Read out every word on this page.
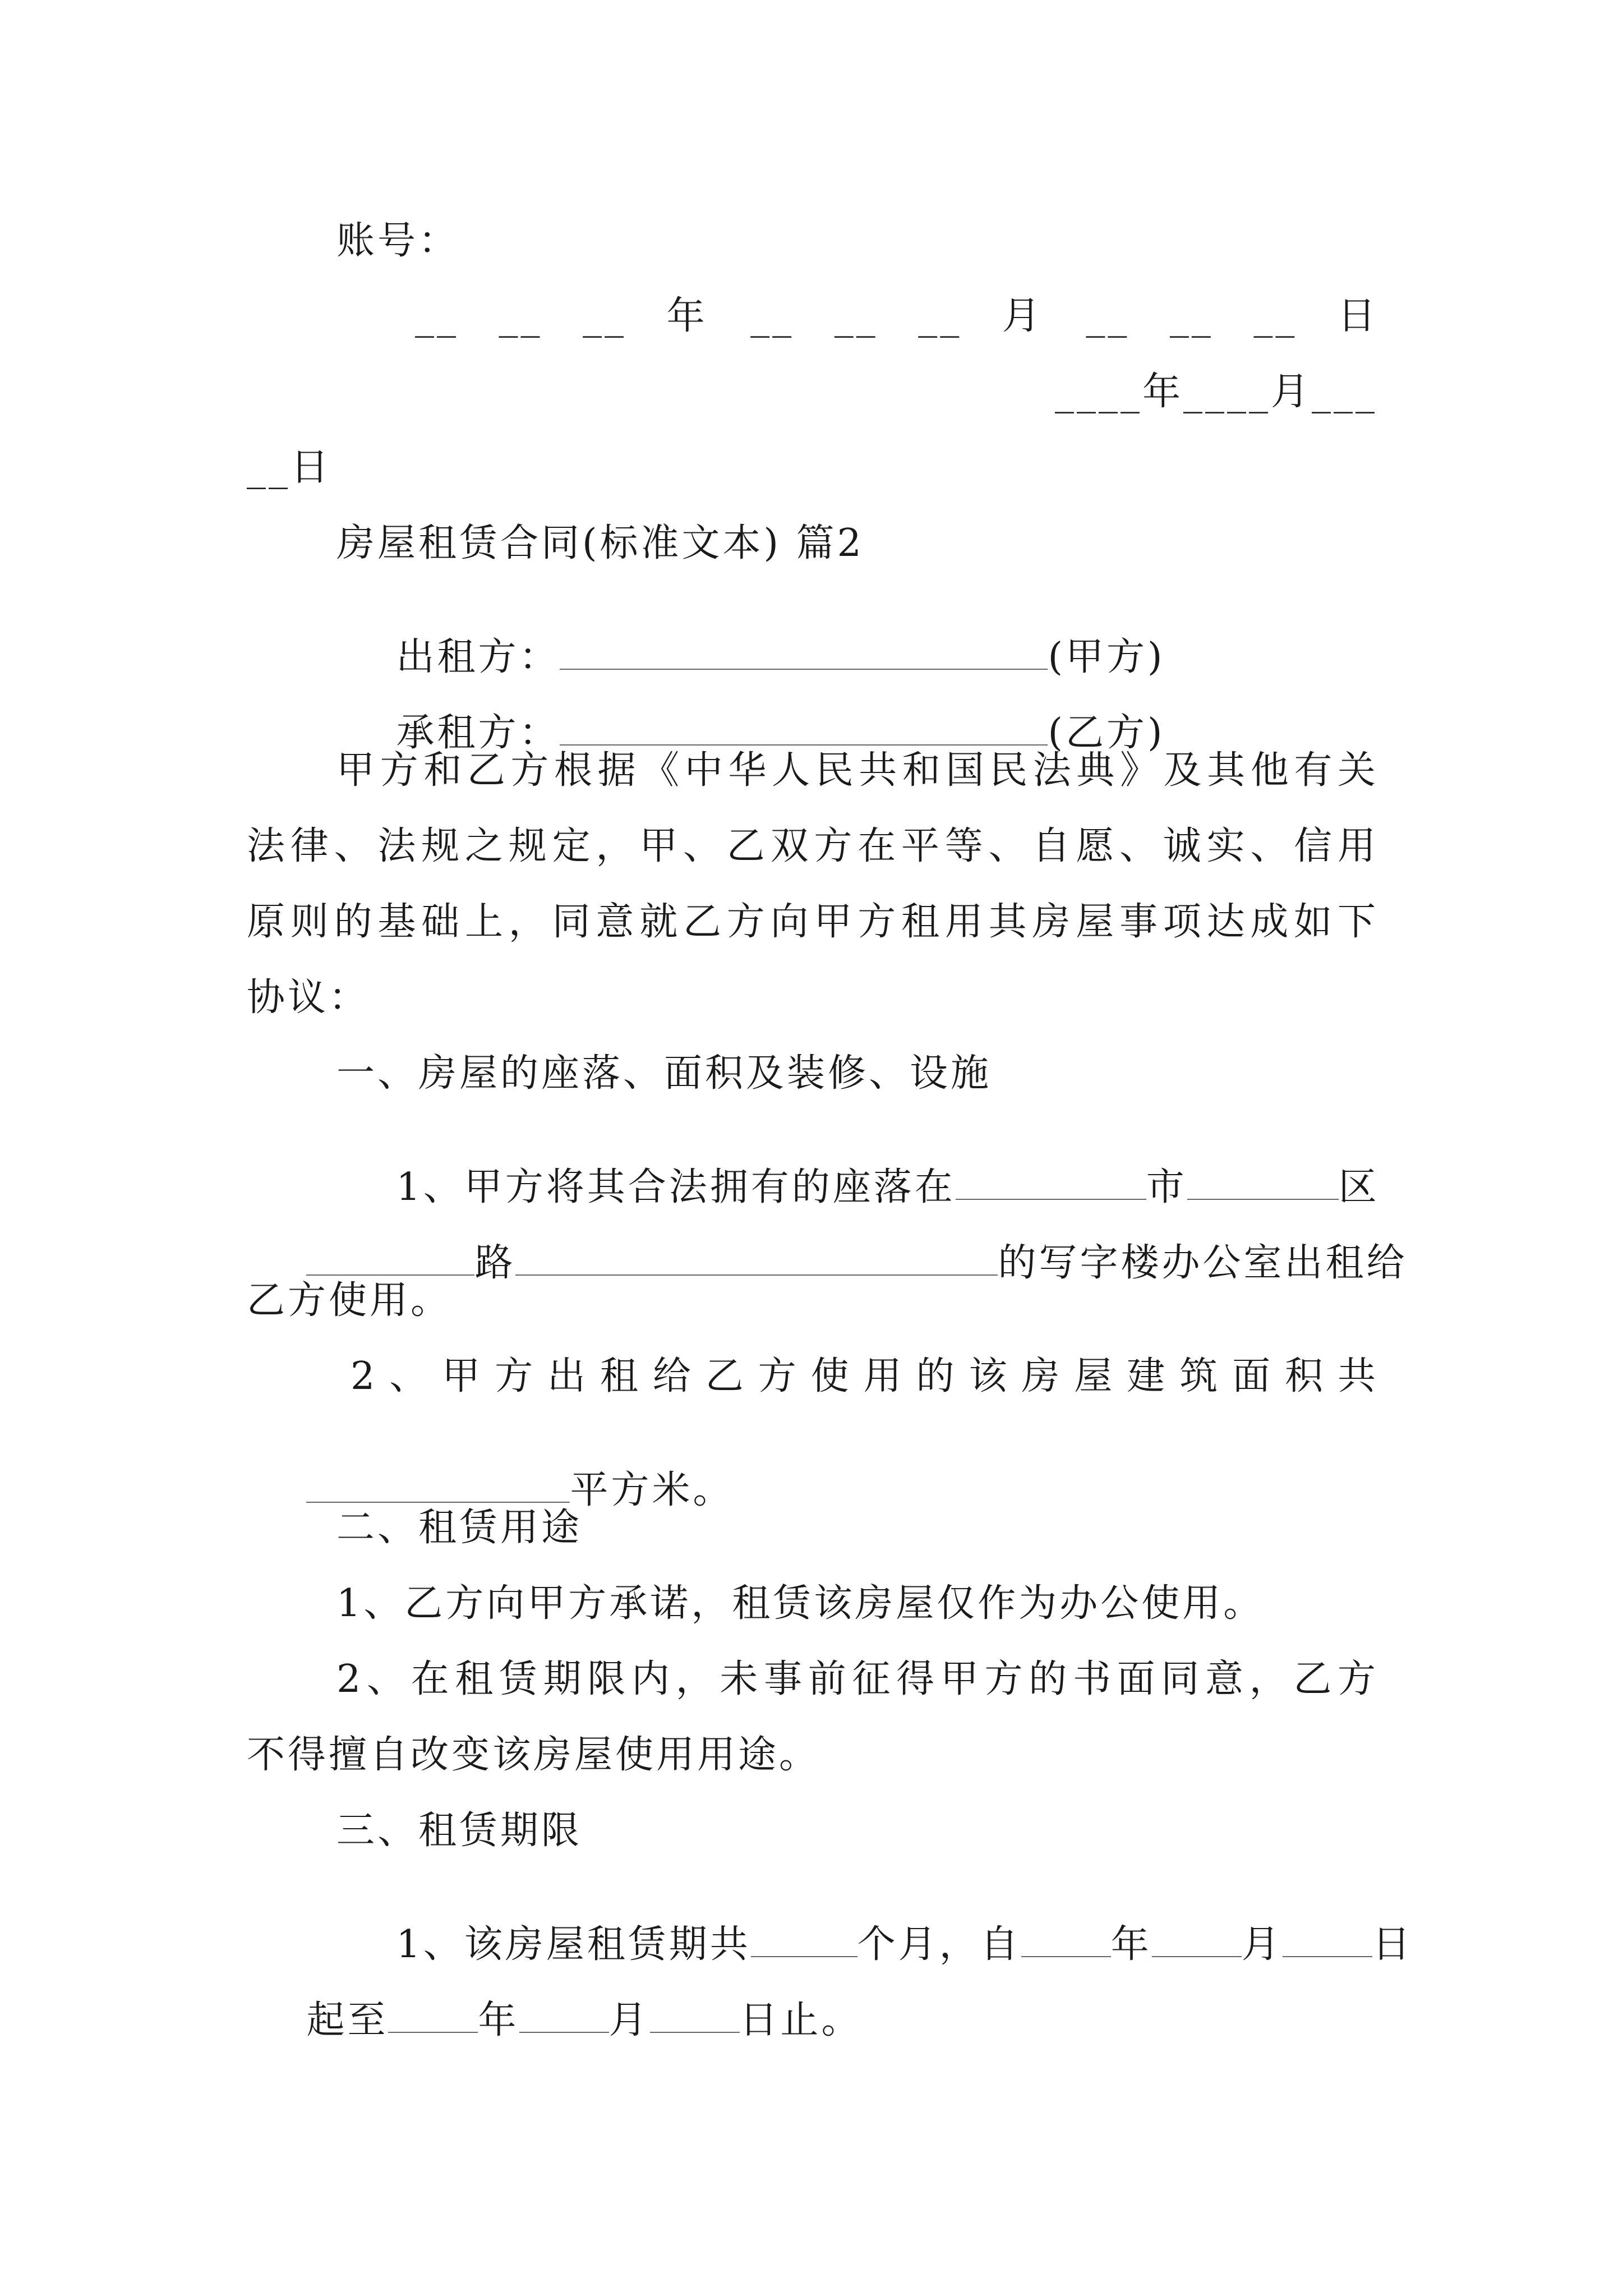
账号：
__ __ __ 年 __ __ __ 月 __ __ __ 日
____年____月___
__日
房屋租赁合同(标准文本) 篇2

出租方：	(甲方)

承租方：	(乙方)

甲方和乙方根据《中华人民共和国民法典》及其他有关
法律、法规之规定，甲、乙双方在平等、自愿、诚实、信用
原则的基础上，同意就乙方向甲方租用其房屋事项达成如下
协议：
一、房屋的座落、面积及装修、设施

1、甲方将其合法拥有的座落在	市	区

路	的写字楼办公室出租给

乙方使用。
2、甲方出租给乙方使用的该房屋建筑面积共

平方米。

二、租赁用途
1、乙方向甲方承诺，租赁该房屋仅作为办公使用。
2、在租赁期限内，未事前征得甲方的书面同意，乙方
不得擅自改变该房屋使用用途。
三、租赁期限

1、该房屋租赁期共	个月，自 年 月 日

起至 年 月 日止。
